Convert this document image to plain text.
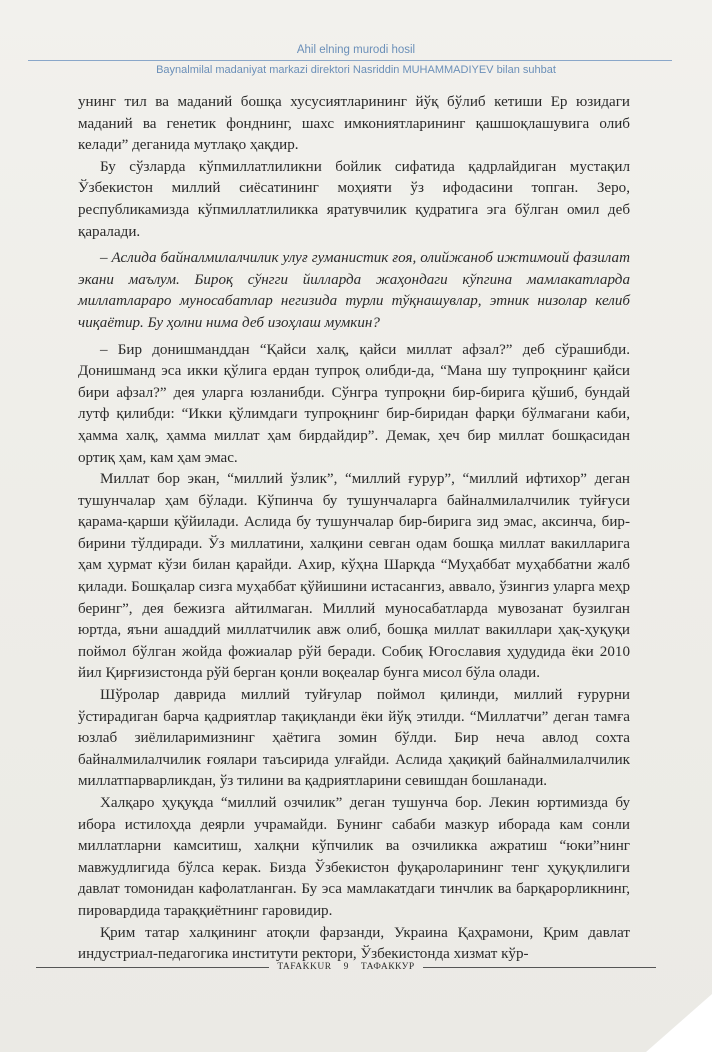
Ahil elning murodi hosil
Baynalmilal madaniyat markazi direktori Nasriddin MUHAMMADIYEV bilan suhbat

унинг тил ва маданий бошқа хусусиятларининг йўқ бўлиб кетиши Ер юзидаги маданий ва генетик фонднинг, шахс имкониятларининг қашшоқлашувига олиб келади” деганида мутлақо ҳақдир.

Бу сўзларда кўпмиллатлиликни бойлик сифатида қадрлайдиган мустақил Ўзбекистон миллий сиёсатининг моҳияти ўз ифодасини топган. Зеро, республикамизда кўпмиллатлиликка яратувчилик қудратига эга бўлган омил деб қаралади.

– Аслида байналмилалчилик улуғ гуманистик ғоя, олийжаноб ижтимоий фазилат экани маълум. Бироқ сўнгги йилларда жаҳондаги кўпгина мамлакатларда миллатлараро муносабатлар негизида турли тўқнашувлар, этник низолар келиб чиқаётир. Бу ҳолни нима деб изоҳлаш мумкин?

– Бир донишманддан “Қайси халқ, қайси миллат афзал?” деб сўрашибди. Донишманд эса икки қўлига ердан тупроқ олибди-да, “Мана шу тупроқнинг қайси бири афзал?” дея уларга юзланибди. Сўнгра тупроқни бир-бирига қўшиб, бундай лутф қилибди: “Икки қўлимдаги тупроқнинг бир-биридан фарқи бўлмагани каби, ҳамма халқ, ҳамма миллат ҳам бирдайдир”. Демак, ҳеч бир миллат бошқасидан ортиқ ҳам, кам ҳам эмас.

Миллат бор экан, “миллий ўзлик”, “миллий ғурур”, “миллий ифтихор” деган тушунчалар ҳам бўлади. Кўпинча бу тушунчаларга байналмилалчилик туйғуси қарама-қарши қўйилади. Аслида бу тушунчалар бир-бирига зид эмас, аксинча, бир-бирини тўлдиради. Ўз миллатини, халқини севган одам бошқа миллат вакилларига ҳам ҳурмат кўзи билан қарайди. Ахир, кўҳна Шарқда “Муҳаббат муҳаббатни жалб қилади. Бошқалар сизга муҳаббат қўйишини истасангиз, аввало, ўзингиз уларга меҳр беринг”, дея бежизга айтилмаган. Миллий муносабатларда мувозанат бузилган юртда, яъни ашаддий миллатчилик авж олиб, бошқа миллат вакиллари ҳақ-ҳуқуқи поймол бўлган жойда фожиалар рўй беради. Собиқ Югославия ҳудудида ёки 2010 йил Қирғизистонда рўй берган қонли воқеалар бунга мисол бўла олади.

Шўролар даврида миллий туйғулар поймол қилинди, миллий ғурурни ўстирадиган барча қадриятлар тақиқланди ёки йўқ этилди. “Миллатчи” деган тамға юзлаб зиёлиларимизнинг ҳаётига зомин бўлди. Бир неча авлод сохта байналмилалчилик ғоялари таъсирида улғайди. Аслида ҳақиқий байналмилалчилик миллатпарварликдан, ўз тилини ва қадриятларини севишдан бошланади.

Халқаро ҳуқуқда “миллий озчилик” деган тушунча бор. Лекин юртимизда бу ибора истилоҳда деярли учрамайди. Бунинг сабаби мазкур иборада кам сонли миллатларни камситиш, халқни кўпчилик ва озчиликка ажратиш “юки”нинг мавжудлигида бўлса керак. Бизда Ўзбекистон фуқароларининг тенг ҳуқуқлилиги давлат томонидан кафолатланган. Бу эса мамлакатдаги тинчлик ва барқарорликнинг, пировардида тараққиётнинг гаровидир.

Қрим татар халқининг атоқли фарзанди, Украина Қаҳрамони, Қрим давлат индустриал-педагогика институти ректори, Ўзбекистонда хизмат кўр-

TAFAKKUR	9	ТАФАККУР
